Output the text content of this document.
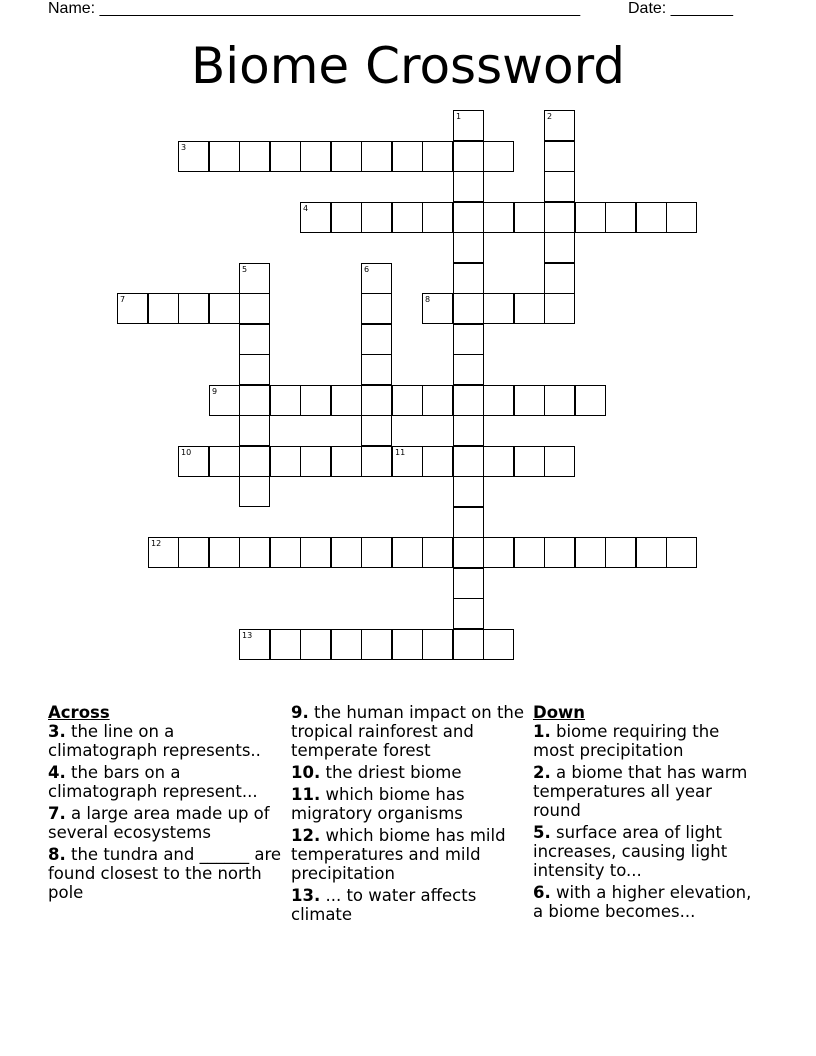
Name: ______________________________________________________	Date: _______
Biome Crossword
1	2
3
4
5	6
7	8
9
10	11
12
13
Across
3. the line on a climatograph represents..
4. the bars on a climatograph represent...
7. a large area made up of several ecosystems
8. the tundra and ______ are found closest to the north pole
9. the human impact on the tropical rainforest and temperate forest
10. the driest biome
11. which biome has migratory organisms
12. which biome has mild temperatures and mild precipitation
13. ... to water affects climate
Down
1. biome requiring the most precipitation
2. a biome that has warm temperatures all year round
5. surface area of light increases, causing light intensity to...
6. with a higher elevation, a biome becomes...
